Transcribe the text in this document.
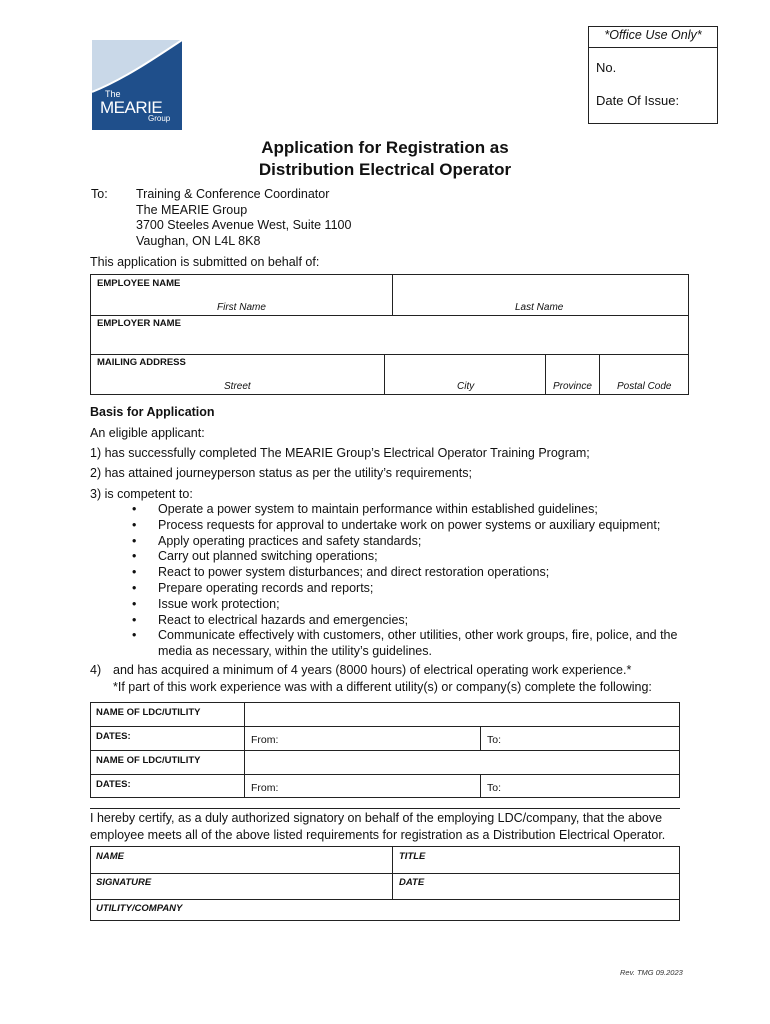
*Office Use Only*
No.
Date Of Issue:
The
MEARIE
Group
Application for Registration as
Distribution Electrical Operator
To: Training & Conference Coordinator
The MEARIE Group
3700 Steeles Avenue West, Suite 1100
Vaughan, ON L4L 8K8
This application is submitted on behalf of:
EMPLOYEE NAME
First Name	Last Name
EMPLOYER NAME
MAILING ADDRESS
Street	City	Province	Postal Code
Basis for Application
An eligible applicant:
1) has successfully completed The MEARIE Group’s Electrical Operator Training Program;
2) has attained journeyperson status as per the utility’s requirements;
3) is competent to:
• Operate a power system to maintain performance within established guidelines;
• Process requests for approval to undertake work on power systems or auxiliary equipment;
• Apply operating practices and safety standards;
• Carry out planned switching operations;
• React to power system disturbances; and direct restoration operations;
• Prepare operating records and reports;
• Issue work protection;
• React to electrical hazards and emergencies;
• Communicate effectively with customers, other utilities, other work groups, fire, police, and the media as necessary, within the utility’s guidelines.
4) and has acquired a minimum of 4 years (8000 hours) of electrical operating work experience.*
*If part of this work experience was with a different utility(s) or company(s) complete the following:
NAME OF LDC/UTILITY
DATES:	From:	To:
NAME OF LDC/UTILITY
DATES:	From:	To:
I hereby certify, as a duly authorized signatory on behalf of the employing LDC/company, that the above employee meets all of the above listed requirements for registration as a Distribution Electrical Operator.
NAME	TITLE
SIGNATURE	DATE
UTILITY/COMPANY
Rev. TMG 09.2023
